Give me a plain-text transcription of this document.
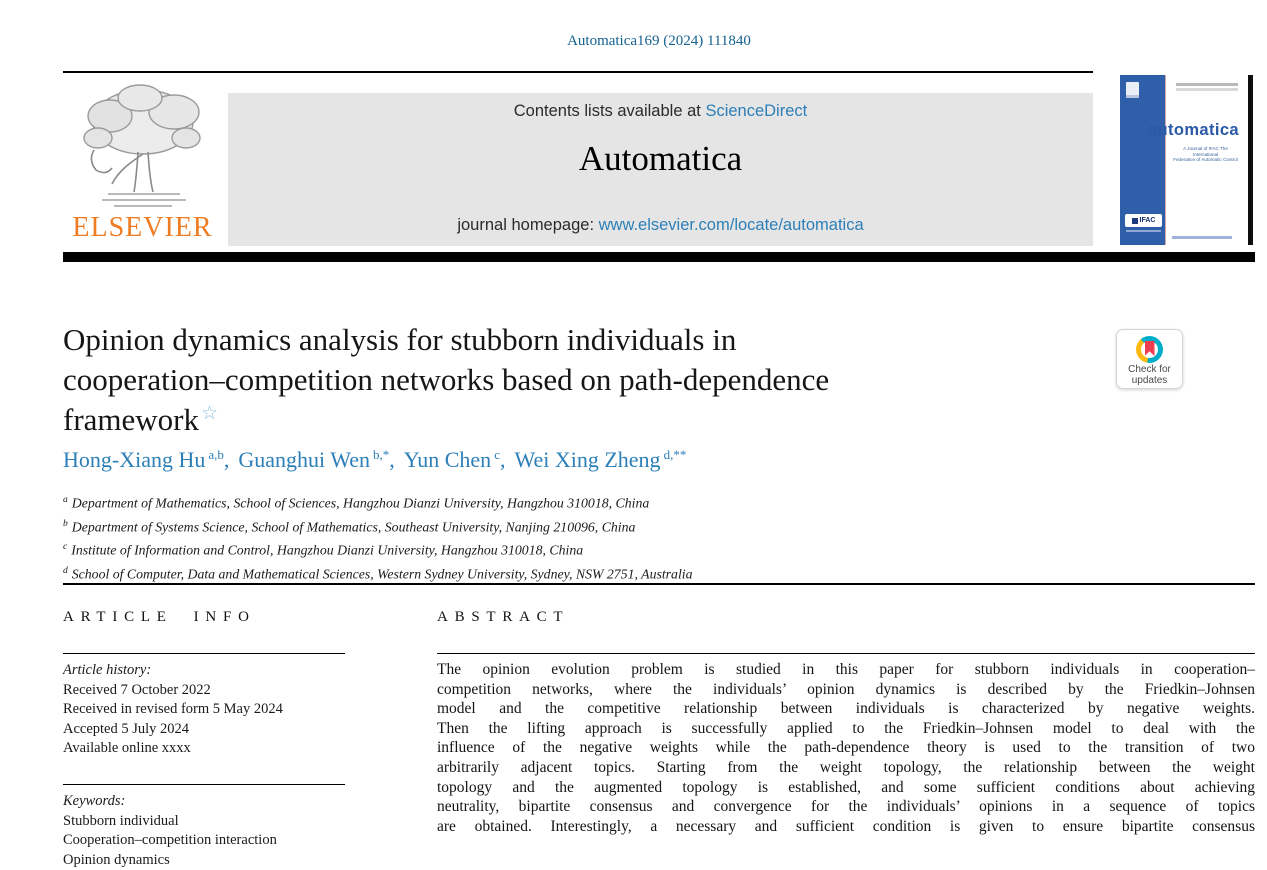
Automatica169 (2024) 111840
ELSEVIER
Contents lists available at ScienceDirect
Automatica
journal homepage: www.elsevier.com/locate/automatica
automatica
A Journal of IFAC The International
Federation of Automatic Control
IFAC
Opinion dynamics analysis for stubborn individuals in
cooperation–competition networks based on path-dependence
framework ☆
Check for
updates
Hong-Xiang Hu $^{a,b}$, Guanghui Wen $^{b,*}$, Yun Chen $^c$, Wei Xing Zheng $^{d,**}$
$^a$ Department of Mathematics, School of Sciences, Hangzhou Dianzi University, Hangzhou 310018, China
$^b$ Department of Systems Science, School of Mathematics, Southeast University, Nanjing 210096, China
$^c$ Institute of Information and Control, Hangzhou Dianzi University, Hangzhou 310018, China
$^d$ School of Computer, Data and Mathematical Sciences, Western Sydney University, Sydney, NSW 2751, Australia
ARTICLE INFO
Article history:
Received 7 October 2022
Received in revised form 5 May 2024
Accepted 5 July 2024
Available online xxxx
Keywords:
Stubborn individual
Cooperation–competition interaction
Opinion dynamics
ABSTRACT
The opinion evolution problem is studied in this paper for stubborn individuals in cooperation–
competition networks, where the individuals’ opinion dynamics is described by the Friedkin–Johnsen
model and the competitive relationship between individuals is characterized by negative weights.
Then the lifting approach is successfully applied to the Friedkin–Johnsen model to deal with the
influence of the negative weights while the path-dependence theory is used to the transition of two
arbitrarily adjacent topics. Starting from the weight topology, the relationship between the weight
topology and the augmented topology is established, and some sufficient conditions about achieving
neutrality, bipartite consensus and convergence for the individuals’ opinions in a sequence of topics
are obtained. Interestingly, a necessary and sufficient condition is given to ensure bipartite consensus
